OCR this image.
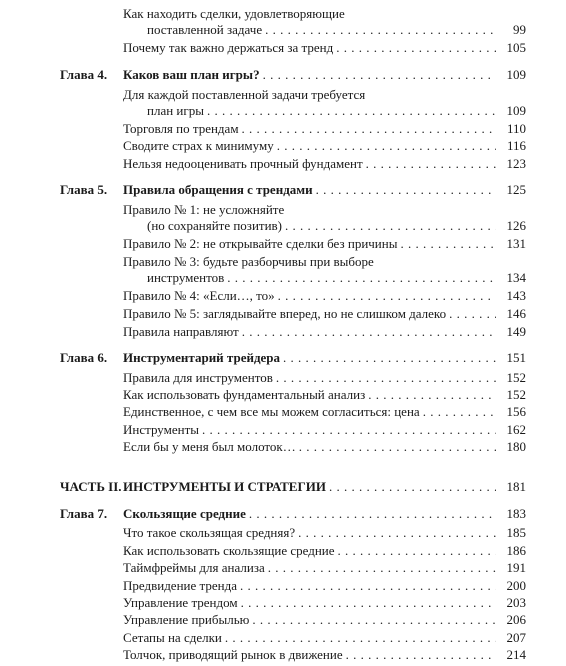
Как находить сделки, удовлетворяющие
поставленной задаче . . .	99
Почему так важно держаться за тренд . . .	105
Глава 4. Каков ваш план игры? . . .	109
Для каждой поставленной задачи требуется
план игры . . .	109
Торговля по трендам . . .	110
Сводите страх к минимуму . . .	116
Нельзя недооценивать прочный фундамент . . .	123
Глава 5. Правила обращения с трендами . . .	125
Правило № 1: не усложняйте
(но сохраняйте позитив) . . .	126
Правило № 2: не открывайте сделки без причины . . .	131
Правило № 3: будьте разборчивы при выборе
инструментов . . .	134
Правило № 4: «Если…, то» . . .	143
Правило № 5: заглядывайте вперед, но не слишком далеко . . .	146
Правила направляют . . .	149
Глава 6. Инструментарий трейдера . . .	151
Правила для инструментов . . .	152
Как использовать фундаментальный анализ . . .	152
Единственное, с чем все мы можем согласиться: цена . . .	156
Инструменты . . .	162
Если бы у меня был молоток… . . .	180
ЧАСТЬ II. ИНСТРУМЕНТЫ И СТРАТЕГИИ . . .	181
Глава 7. Скользящие средние . . .	183
Что такое скользящая средняя? . . .	185
Как использовать скользящие средние . . .	186
Таймфреймы для анализа . . .	191
Предвидение тренда . . .	200
Управление трендом . . .	203
Управление прибылью . . .	206
Сетапы на сделки . . .	207
Толчок, приводящий рынок в движение . . .	214
